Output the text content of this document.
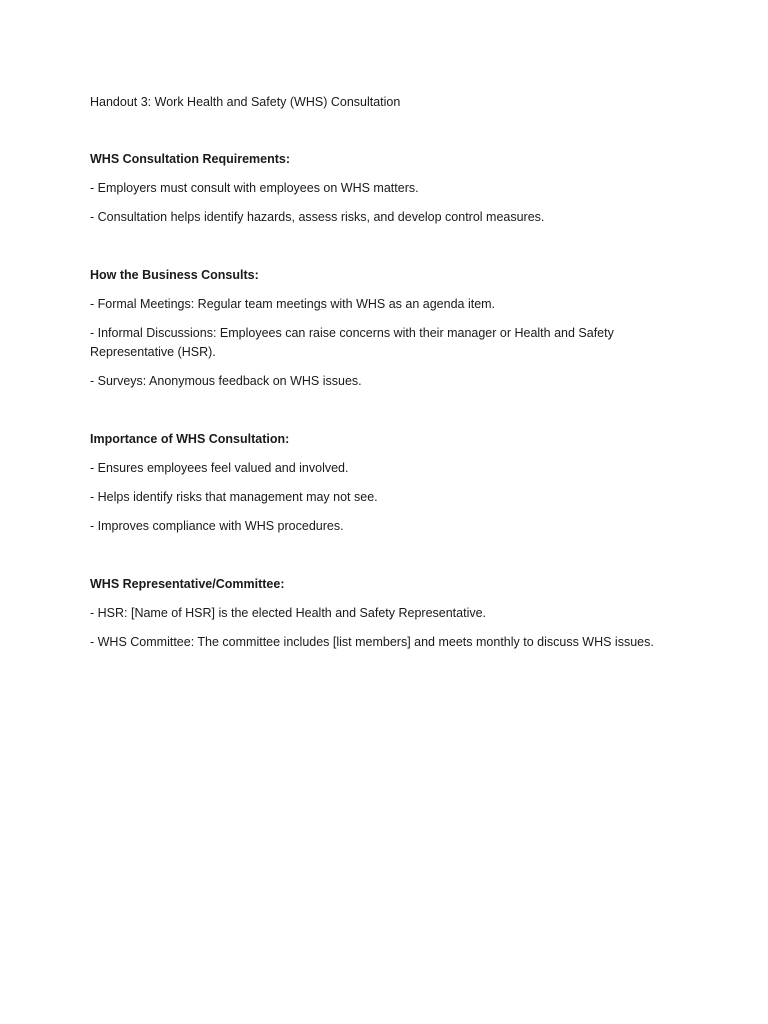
Handout 3: Work Health and Safety (WHS) Consultation

WHS Consultation Requirements:

- Employers must consult with employees on WHS matters.
- Consultation helps identify hazards, assess risks, and develop control measures.

How the Business Consults:

- Formal Meetings: Regular team meetings with WHS as an agenda item.
- Informal Discussions: Employees can raise concerns with their manager or Health and Safety Representative (HSR).
- Surveys: Anonymous feedback on WHS issues.

Importance of WHS Consultation:

- Ensures employees feel valued and involved.
- Helps identify risks that management may not see.
- Improves compliance with WHS procedures.

WHS Representative/Committee:

- HSR: [Name of HSR] is the elected Health and Safety Representative.
- WHS Committee: The committee includes [list members] and meets monthly to discuss WHS issues.
